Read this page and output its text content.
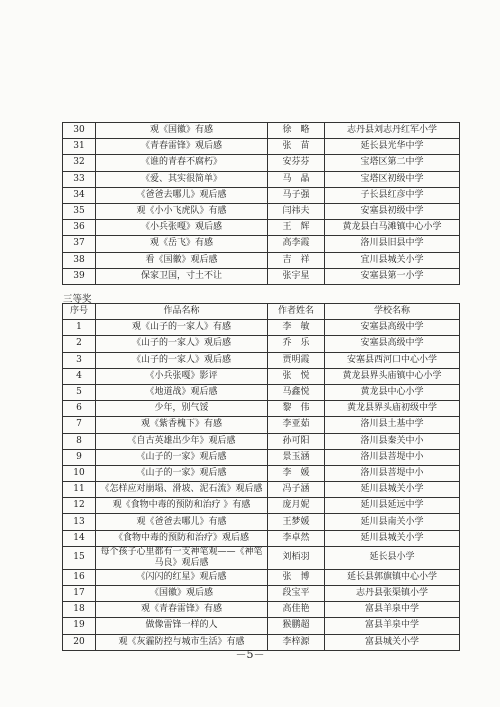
30	观《国徽》有感	徐　略	志丹县刘志丹红军小学
31	《青春雷锋》观后感	张　苗	延长县光华中学
32	《谁的青春不腐朽》	安芬芬	宝塔区第二中学
33	《爱、其实很简单》	马　晶	宝塔区初级中学
34	《爸爸去哪儿》观后感	马子强	子长县红彦中学
35	观《小小飞虎队》有感	闫祎夫	安塞县初级中学
36	《小兵张嘎》观后感	王　辉	黄龙县白马滩镇中心小学
37	观《岳飞》有感	高李霞	洛川县旧县中学
38	看《国徽》观后感	吉　祥	宜川县城关小学
39	保家卫国，寸土不让	张宇星	安塞县第一小学
三等奖
序号	作品名称	作者姓名	学校名称
1	观《山子的一家人》有感	李　敏	安塞县高级中学
2	《山子的一家人》观后感	乔　乐	安塞县高级中学
3	《山子的一家人》观后感	贾明霞	安塞县西河口中心小学
4	《小兵张嘎》影评	张　悦	黄龙县界头庙镇中心小学
5	《地道战》观后感	马鑫悦	黄龙县中心小学
6	少年，别气馁	黎　伟	黄龙县界头庙初级中学
7	观《紫香槐下》有感	李亚茹	洛川县土基中学
8	《自古英雄出少年》观后感	孙可阳	洛川县秦关中小
9	《山子的一家》观后感	景玉涵	洛川县菩堤中小
10	《山子的一家》观后感	李　媛	洛川县菩堤中小
11	《怎样应对崩塌、滑坡、泥石流》观后感	冯子涵	延川县城关小学
12	观《食物中毒的预防和治疗 》有感	庞月妮	延川县延远中学
13	观《爸爸去哪儿》有感	王梦媛	延川县南关小学
14	《食物中毒的预防和治疗》观后感	李卓然	延川县城关小学
15	每个孩子心里都有一支神笔观——《神笔马良》观后感	刘栢羽	延长县小学
16	《闪闪的红星》观后感	张　博	延长县郭旗镇中心小学
17	《国徽》观后感	段宝平	志丹县张渠镇小学
18	观《青春雷锋》有感	高佳艳	富县羊泉中学
19	做像雷锋一样的人	猴鹏超	富县羊泉中学
20	观《灰霾防控与城市生活》有感	李梓源	富县城关小学
－5－
